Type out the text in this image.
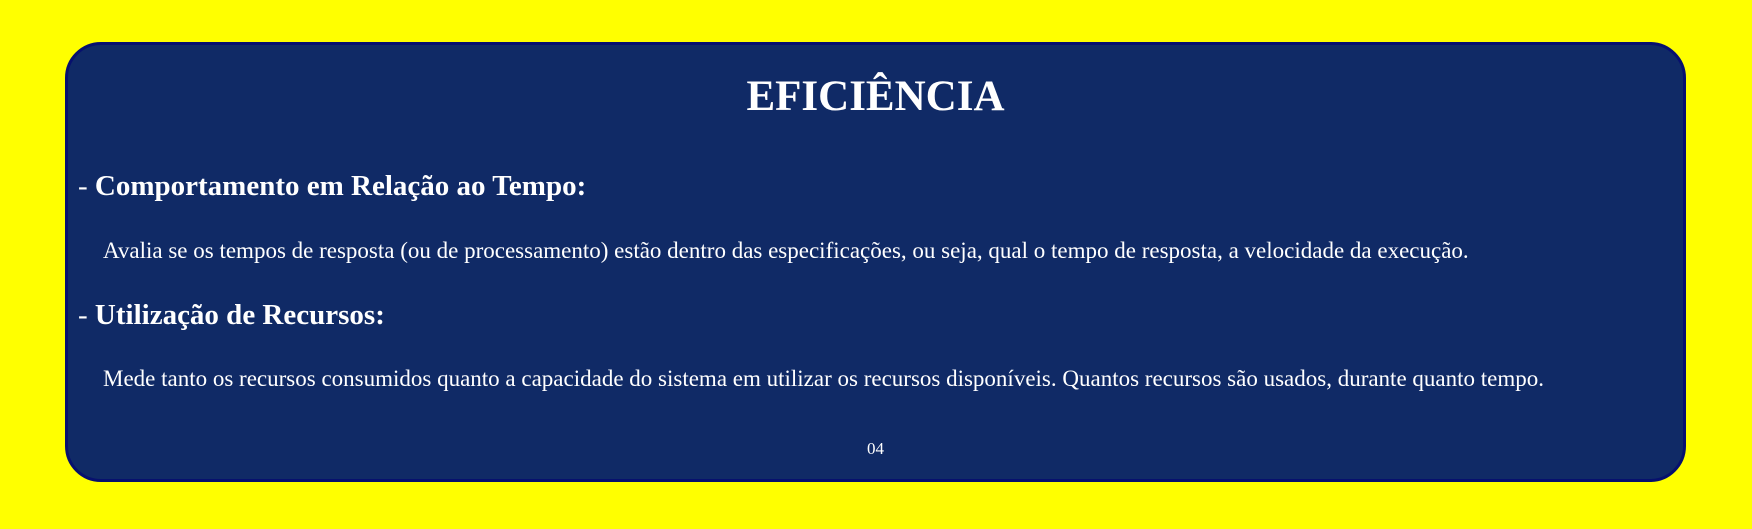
EFICIÊNCIA
- Comportamento em Relação ao Tempo:

Avalia se os tempos de resposta (ou de processamento) estão dentro das especificações, ou seja, qual o tempo de resposta, a velocidade da execução.

- Utilização de Recursos:

Mede tanto os recursos consumidos quanto a capacidade do sistema em utilizar os recursos disponíveis. Quantos recursos são usados, durante quanto tempo.

04
